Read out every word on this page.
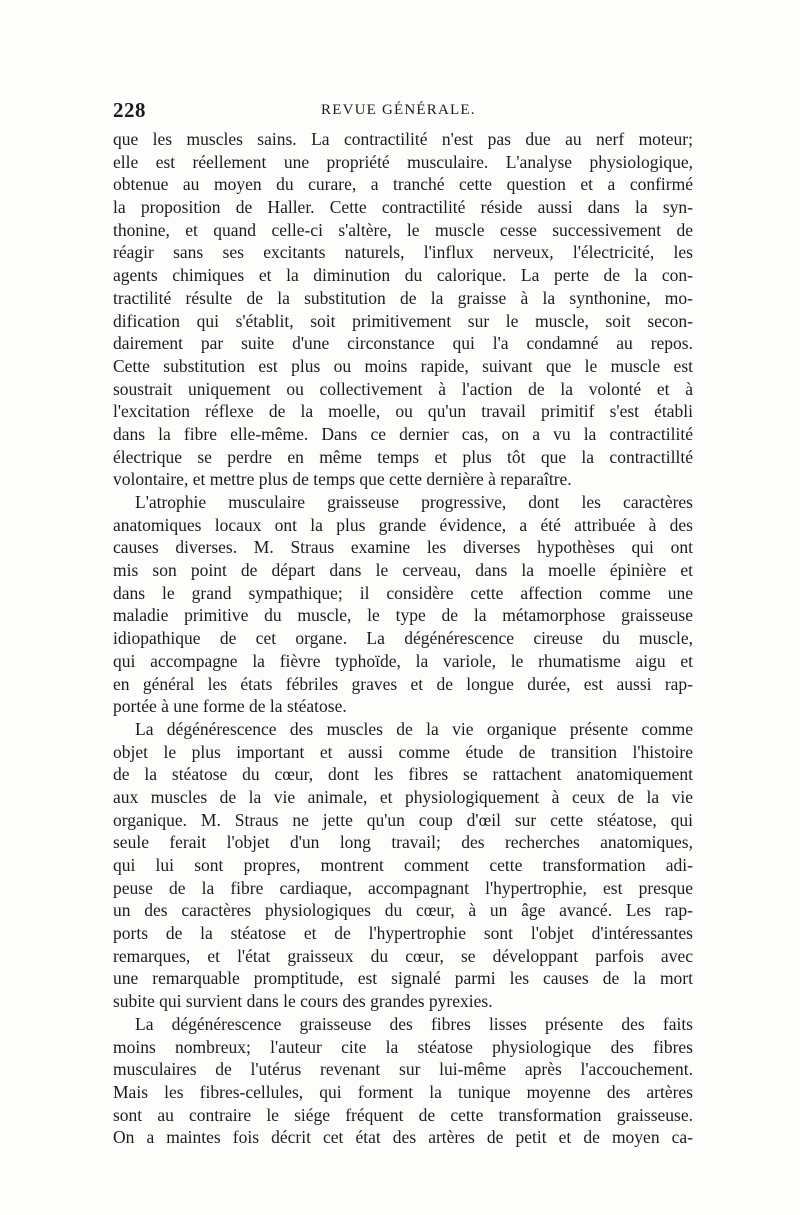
228	REVUE GÉNÉRALE.
que les muscles sains. La contractilité n'est pas due au nerf moteur;
elle est réellement une propriété musculaire. L'analyse physiologique,
obtenue au moyen du curare, a tranché cette question et a confirmé
la proposition de Haller. Cette contractilité réside aussi dans la syn-
thonine, et quand celle-ci s'altère, le muscle cesse successivement de
réagir sans ses excitants naturels, l'influx nerveux, l'électricité, les
agents chimiques et la diminution du calorique. La perte de la con-
tractilité résulte de la substitution de la graisse à la synthonine, mo-
dification qui s'établit, soit primitivement sur le muscle, soit secon-
dairement par suite d'une circonstance qui l'a condamné au repos.
Cette substitution est plus ou moins rapide, suivant que le muscle est
soustrait uniquement ou collectivement à l'action de la volonté et à
l'excitation réflexe de la moelle, ou qu'un travail primitif s'est établi
dans la fibre elle-même. Dans ce dernier cas, on a vu la contractilité
électrique se perdre en même temps et plus tôt que la contractillté
volontaire, et mettre plus de temps que cette dernière à reparaître.
L'atrophie musculaire graisseuse progressive, dont les caractères
anatomiques locaux ont la plus grande évidence, a été attribuée à des
causes diverses. M. Straus examine les diverses hypothèses qui ont
mis son point de départ dans le cerveau, dans la moelle épinière et
dans le grand sympathique; il considère cette affection comme une
maladie primitive du muscle, le type de la métamorphose graisseuse
idiopathique de cet organe. La dégénérescence cireuse du muscle,
qui accompagne la fièvre typhoïde, la variole, le rhumatisme aigu et
en général les états fébriles graves et de longue durée, est aussi rap-
portée à une forme de la stéatose.
La dégénérescence des muscles de la vie organique présente comme
objet le plus important et aussi comme étude de transition l'histoire
de la stéatose du cœur, dont les fibres se rattachent anatomiquement
aux muscles de la vie animale, et physiologiquement à ceux de la vie
organique. M. Straus ne jette qu'un coup d'œil sur cette stéatose, qui
seule ferait l'objet d'un long travail; des recherches anatomiques,
qui lui sont propres, montrent comment cette transformation adi-
peuse de la fibre cardiaque, accompagnant l'hypertrophie, est presque
un des caractères physiologiques du cœur, à un âge avancé. Les rap-
ports de la stéatose et de l'hypertrophie sont l'objet d'intéressantes
remarques, et l'état graisseux du cœur, se développant parfois avec
une remarquable promptitude, est signalé parmi les causes de la mort
subite qui survient dans le cours des grandes pyrexies.
La dégénérescence graisseuse des fibres lisses présente des faits
moins nombreux; l'auteur cite la stéatose physiologique des fibres
musculaires de l'utérus revenant sur lui-même après l'accouchement.
Mais les fibres-cellules, qui forment la tunique moyenne des artères
sont au contraire le siége fréquent de cette transformation graisseuse.
On a maintes fois décrit cet état des artères de petit et de moyen ca-
